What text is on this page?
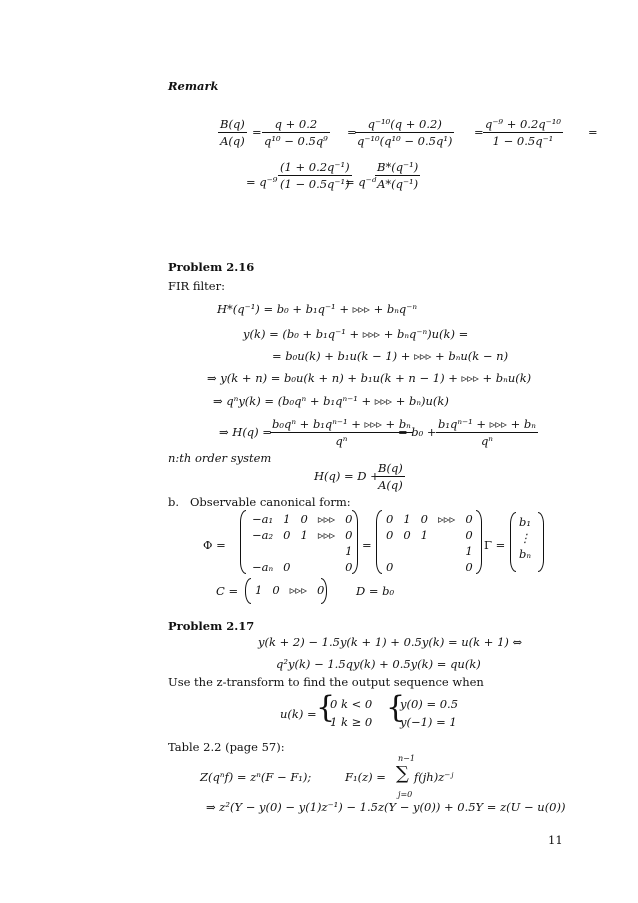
Remark
B(q)
A(q)
=
q + 0.2
q¹⁰ − 0.5q⁹
=
q⁻¹⁰(q + 0.2)
q⁻¹⁰(q¹⁰ − 0.5q¹)
=
q⁻⁹ + 0.2q⁻¹⁰
1 − 0.5q⁻¹
=
= q⁻⁹
(1 + 0.2q⁻¹)
(1 − 0.5q⁻¹)
= q⁻ᵈ
B*(q⁻¹)
A*(q⁻¹)
Problem 2.16
FIR filter:
H*(q⁻¹) = b₀ + b₁q⁻¹ + ▹▹▹ + bₙq⁻ⁿ
y(k) = (b₀ + b₁q⁻¹ + ▹▹▹ + bₙq⁻ⁿ)u(k) =
= b₀u(k) + b₁u(k − 1) + ▹▹▹ + bₙu(k − n)
⇒ y(k + n) = b₀u(k + n) + b₁u(k + n − 1) + ▹▹▹ + bₙu(k)
⇒ qⁿy(k) = (b₀qⁿ + b₁qⁿ⁻¹ + ▹▹▹ + bₙ)u(k)
⇒ H(q) =
b₀qⁿ + b₁qⁿ⁻¹ + ▹▹▹ + bₙ
qⁿ
= b₀ +
b₁qⁿ⁻¹ + ▹▹▹ + bₙ
qⁿ
n:th order system
H(q) = D +
B(q)
A(q)
b. Observable canonical form:
Φ =
−a₁	1	0	▹▹▹	0
−a₂	0	1	▹▹▹	0
				1
−aₙ	0			0
=
0	1	0	▹▹▹	0
0	0	1		0
				1
0				0
Γ =
b₁
⋮
bₙ
C = 1	0	▹▹▹	0	D = b₀
Problem 2.17
y(k + 2) − 1.5y(k + 1) + 0.5y(k) = u(k + 1) ⇔
q²y(k) − 1.5qy(k) + 0.5y(k) = qu(k)
Use the z-transform to find the output sequence when
u(k) = {
0 k < 0
1 k ≥ 0 {
y(0) = 0.5
y(−1) = 1
Table 2.2 (page 57):
Z(qⁿf) = zⁿ(F − F₁);	F₁(z) =
n−1
∑
j=0
f(jh)z⁻ʲ
⇒ z²(Y − y(0) − y(1)z⁻¹) − 1.5z(Y − y(0)) + 0.5Y = z(U − u(0))
11
